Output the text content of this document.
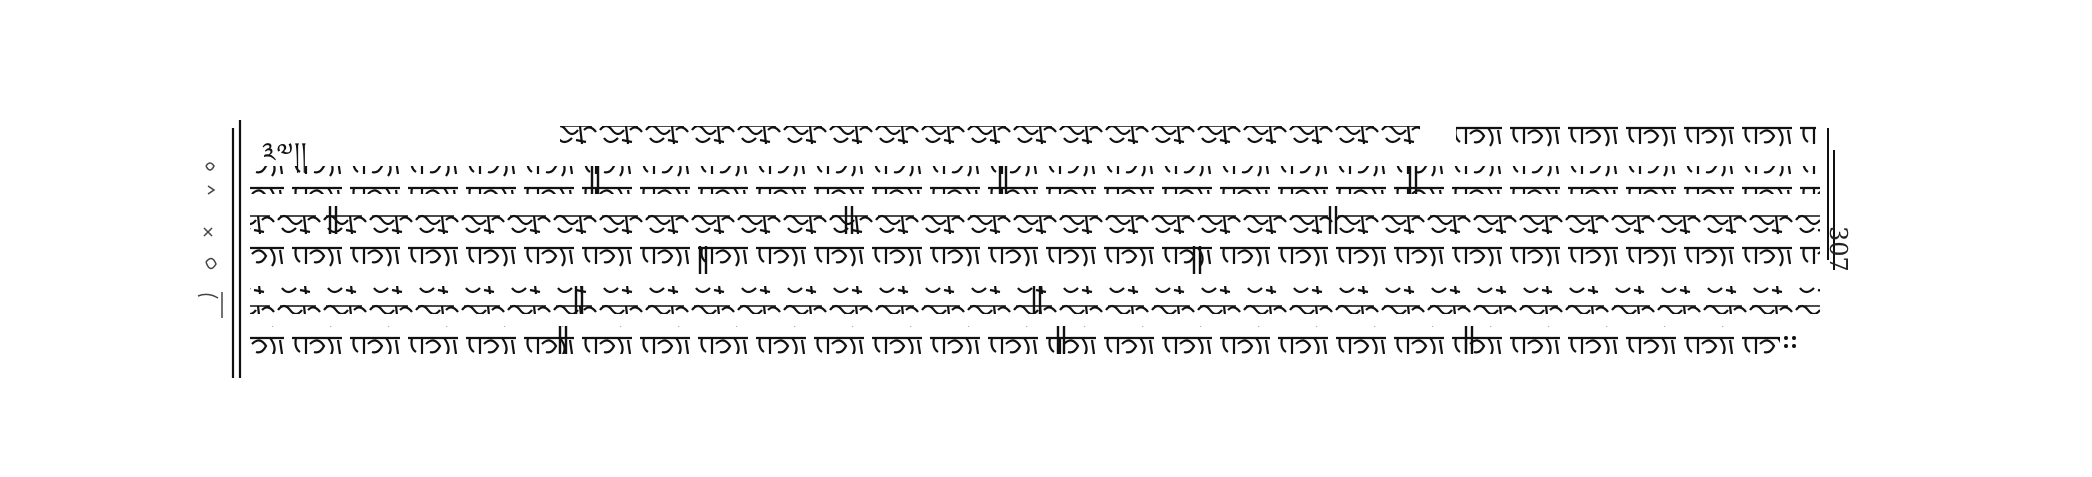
༣༧།།
307
